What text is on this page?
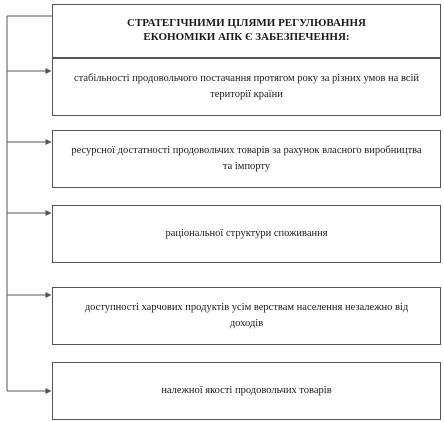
СТРАТЕГІЧНИМИ ЦІЛЯМИ РЕГУЛЮВАННЯ ЕКОНОМІКИ АПК Є ЗАБЕЗПЕЧЕННЯ:
стабільності продовольчого постачання протягом року за різних умов на всій території країни
ресурсної достатності продовольчих товарів за рахунок власного виробництва та імпорту
раціональної структури споживання
доступності харчових продуктів усім верствам населення незалежно від доходів
належної якості продовольчих товарів
